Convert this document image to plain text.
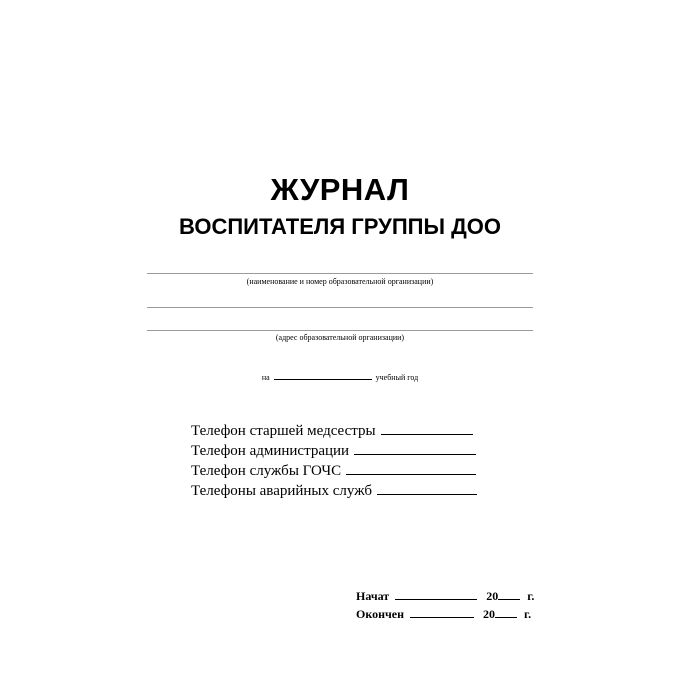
ЖУРНАЛ
ВОСПИТАТЕЛЯ ГРУППЫ ДОО
(наименование и номер образовательной организации)
(адрес образовательной организации)
на	учебный год
Телефон старшей медсестры
Телефон администрации
Телефон службы ГОЧС
Телефоны аварийных служб
Начат	20 г.
Окончен	20 г.
